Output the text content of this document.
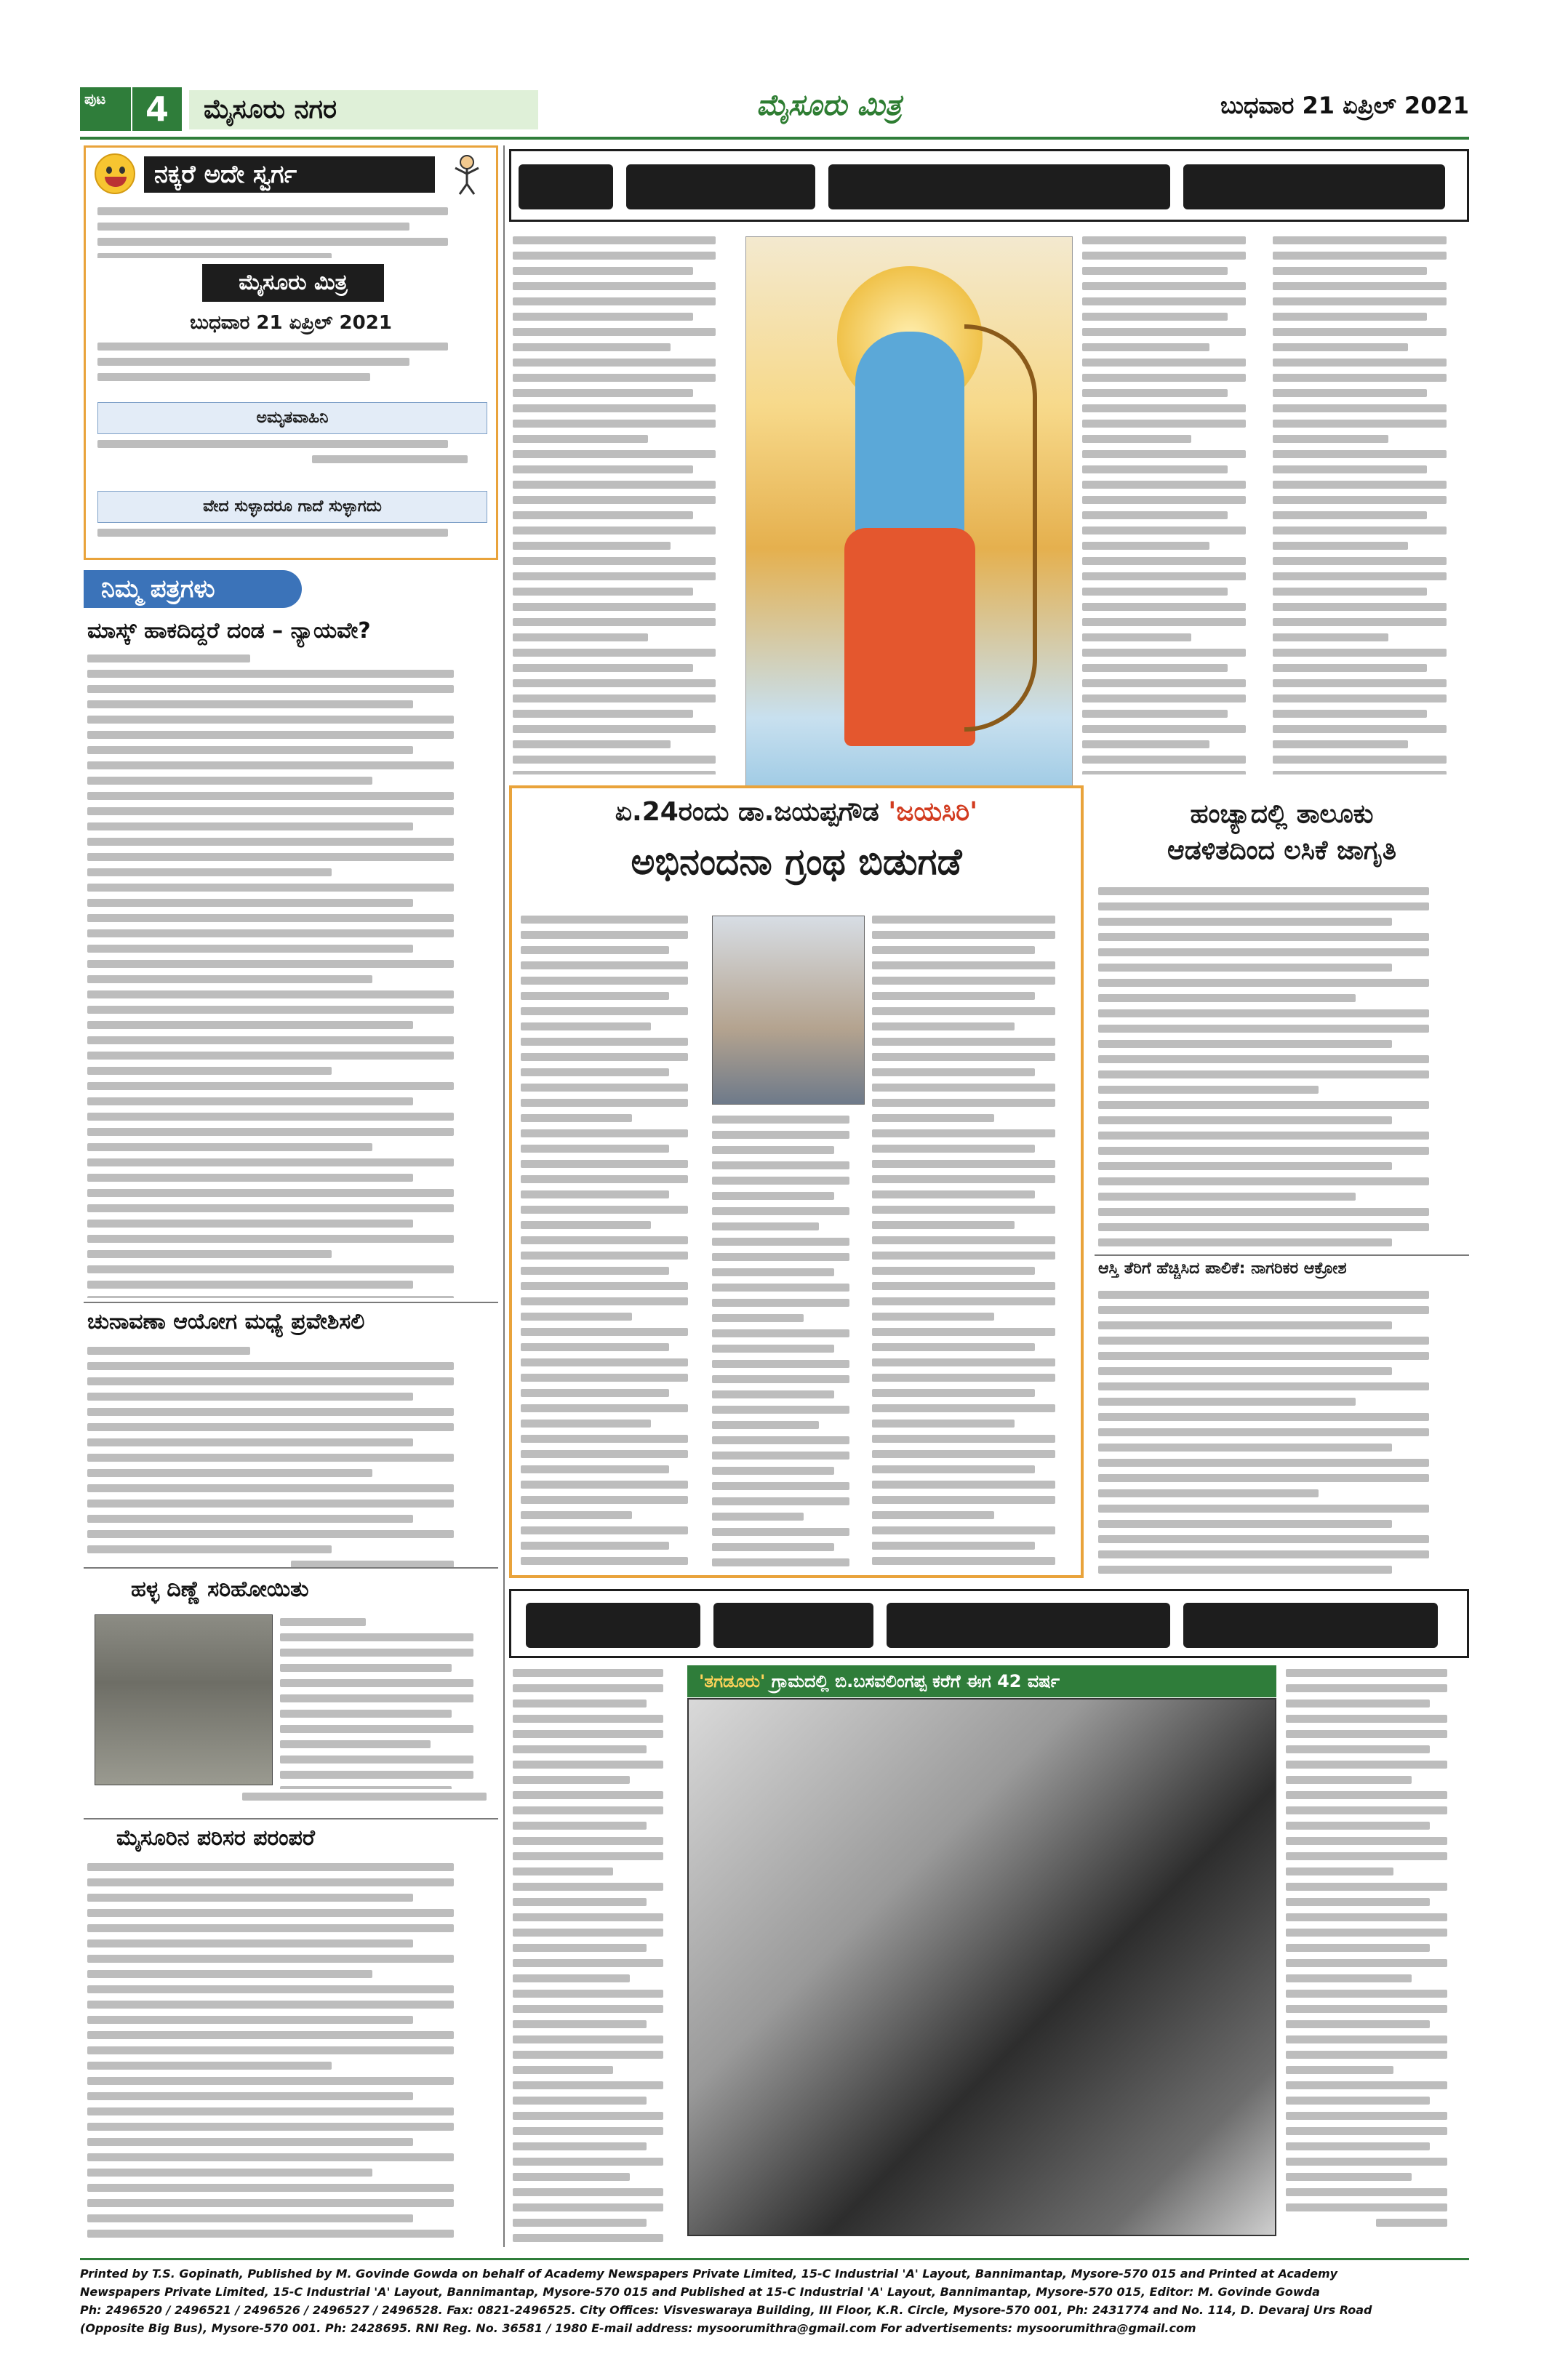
ಪುಟ	4	ಮೈಸೂರು ನಗರ	ಮೈಸೂರು ಮಿತ್ರ	ಬುಧವಾರ 21 ಏಪ್ರಿಲ್ 2021
ನಕ್ಕರೆ ಅದೇ ಸ್ವರ್ಗ
ಮೈಸೂರು ಮಿತ್ರ
ಬುಧವಾರ 21 ಏಪ್ರಿಲ್ 2021
ಅಮೃತವಾಹಿನಿ
ವೇದ ಸುಳ್ಳಾದರೂ ಗಾದೆ ಸುಳ್ಳಾಗದು
ನಿಮ್ಮ ಪತ್ರಗಳು
ಮಾಸ್ಕ್ ಹಾಕದಿದ್ದರೆ ದಂಡ – ನ್ಯಾಯವೇ?
ಚುನಾವಣಾ ಆಯೋಗ ಮಧ್ಯೆ ಪ್ರವೇಶಿಸಲಿ
ಹಳ್ಳ ದಿಣ್ಣೆ ಸರಿಹೋಯಿತು
ಮೈಸೂರಿನ ಪರಿಸರ ಪರಂಪರೆ
ಏ.24ರಂದು ಡಾ.ಜಯಪ್ಪಗೌಡ 'ಜಯಸಿರಿ'
ಅಭಿನಂದನಾ ಗ್ರಂಥ ಬಿಡುಗಡೆ
ಹಂಚ್ಯಾದಲ್ಲಿ ತಾಲೂಕು
ಆಡಳಿತದಿಂದ ಲಸಿಕೆ ಜಾಗೃತಿ
ಆಸ್ತಿ ತೆರಿಗೆ ಹೆಚ್ಚಿಸಿದ ಪಾಲಿಕೆ: ನಾಗರಿಕರ ಆಕ್ರೋಶ
'ತಗಡೂರು' ಗ್ರಾಮದಲ್ಲಿ ಬಿ.ಬಸವಲಿಂಗಪ್ಪ ಕರೆಗೆ ಈಗ 42 ವರ್ಷ
Printed by T.S. Gopinath, Published by M. Govinde Gowda on behalf of Academy Newspapers Private Limited, 15-C Industrial 'A' Layout, Bannimantap, Mysore-570 015 and Printed at Academy
Newspapers Private Limited, 15-C Industrial 'A' Layout, Bannimantap, Mysore-570 015 and Published at 15-C Industrial 'A' Layout, Bannimantap, Mysore-570 015, Editor: M. Govinde Gowda
Ph: 2496520 / 2496521 / 2496526 / 2496527 / 2496528. Fax: 0821-2496525. City Offices: Visveswaraya Building, III Floor, K.R. Circle, Mysore-570 001, Ph: 2431774 and No. 114, D. Devaraj Urs Road
(Opposite Big Bus), Mysore-570 001. Ph: 2428695. RNI Reg. No. 36581 / 1980 E-mail address: mysoorumithra@gmail.com For advertisements: mysoorumithra@gmail.com
